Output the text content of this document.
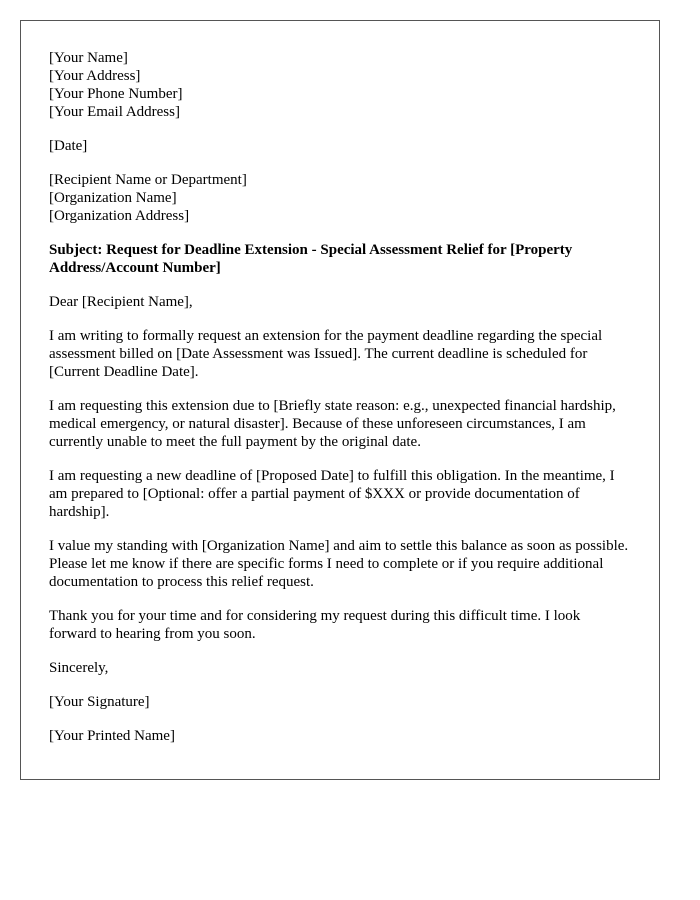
[Your Name]
[Your Address]
[Your Phone Number]
[Your Email Address]
[Date]
[Recipient Name or Department]
[Organization Name]
[Organization Address]
Subject: Request for Deadline Extension - Special Assessment Relief for [Property Address/Account Number]

Dear [Recipient Name],

I am writing to formally request an extension for the payment deadline regarding the special assessment billed on [Date Assessment was Issued]. The current deadline is scheduled for [Current Deadline Date].

I am requesting this extension due to [Briefly state reason: e.g., unexpected financial hardship, medical emergency, or natural disaster]. Because of these unforeseen circumstances, I am currently unable to meet the full payment by the original date.

I am requesting a new deadline of [Proposed Date] to fulfill this obligation. In the meantime, I am prepared to [Optional: offer a partial payment of $XXX or provide documentation of hardship].

I value my standing with [Organization Name] and aim to settle this balance as soon as possible. Please let me know if there are specific forms I need to complete or if you require additional documentation to process this relief request.

Thank you for your time and for considering my request during this difficult time. I look forward to hearing from you soon.

Sincerely,

[Your Signature]

[Your Printed Name]
